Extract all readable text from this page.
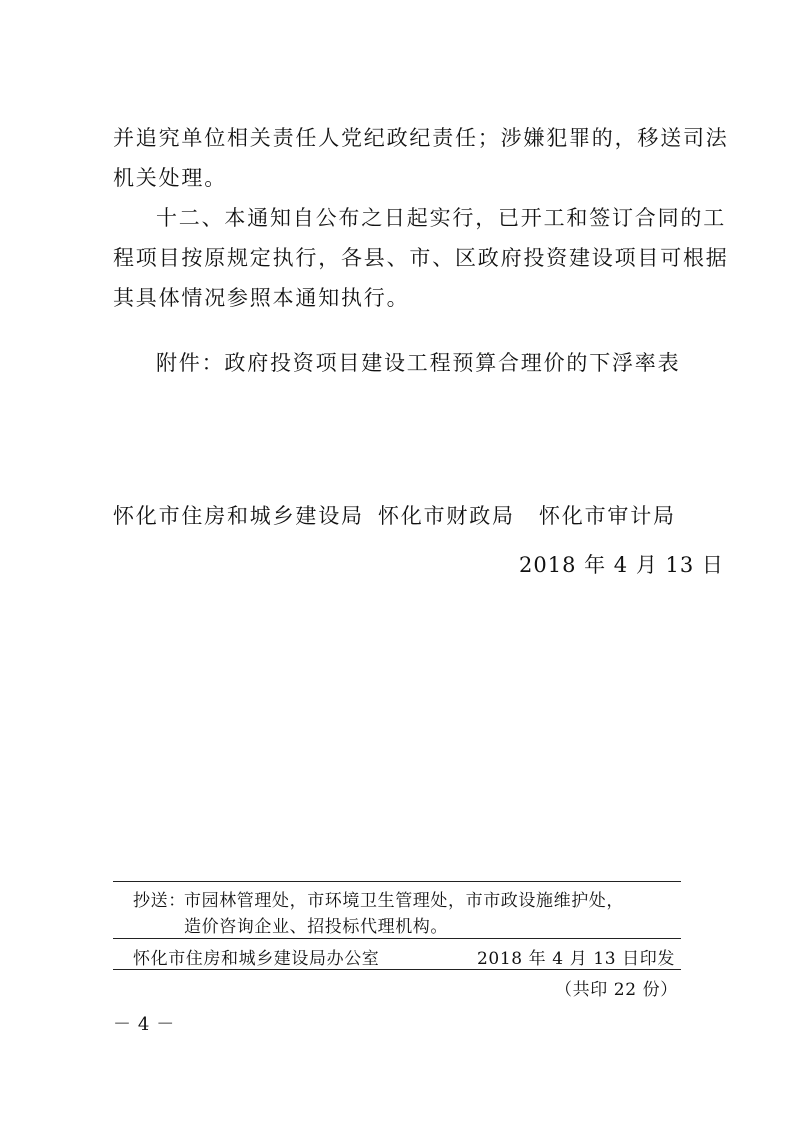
并追究单位相关责任人党纪政纪责任；涉嫌犯罪的，移送司法
机关处理。
十二、本通知自公布之日起实行，已开工和签订合同的工
程项目按原规定执行，各县、市、区政府投资建设项目可根据
其具体情况参照本通知执行。
附件：政府投资项目建设工程预算合理价的下浮率表
怀化市住房和城乡建设局 怀化市财政局 怀化市审计局
2018 年 4 月 13 日
抄送：
市园林管理处，市环境卫生管理处，市市政设施维护处，
造价咨询企业、招投标代理机构。
怀化市住房和城乡建设局办公室	2018 年 4 月 13 日印发
（共印 22 份）
－ 4 －
